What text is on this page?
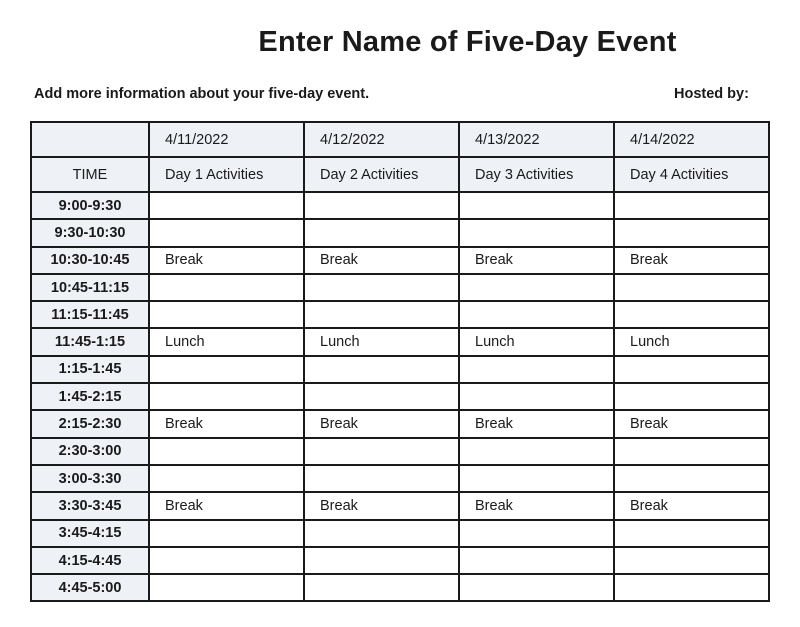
Enter Name of Five-Day Event
Add more information about your five-day event.	Hosted by:
	4/11/2022	4/12/2022	4/13/2022	4/14/2022
TIME	Day 1 Activities	Day 2 Activities	Day 3 Activities	Day 4 Activities
9:00-9:30				
9:30-10:30				
10:30-10:45	Break	Break	Break	Break
10:45-11:15				
11:15-11:45				
11:45-1:15	Lunch	Lunch	Lunch	Lunch
1:15-1:45				
1:45-2:15				
2:15-2:30	Break	Break	Break	Break
2:30-3:00				
3:00-3:30				
3:30-3:45	Break	Break	Break	Break
3:45-4:15				
4:15-4:45				
4:45-5:00				
